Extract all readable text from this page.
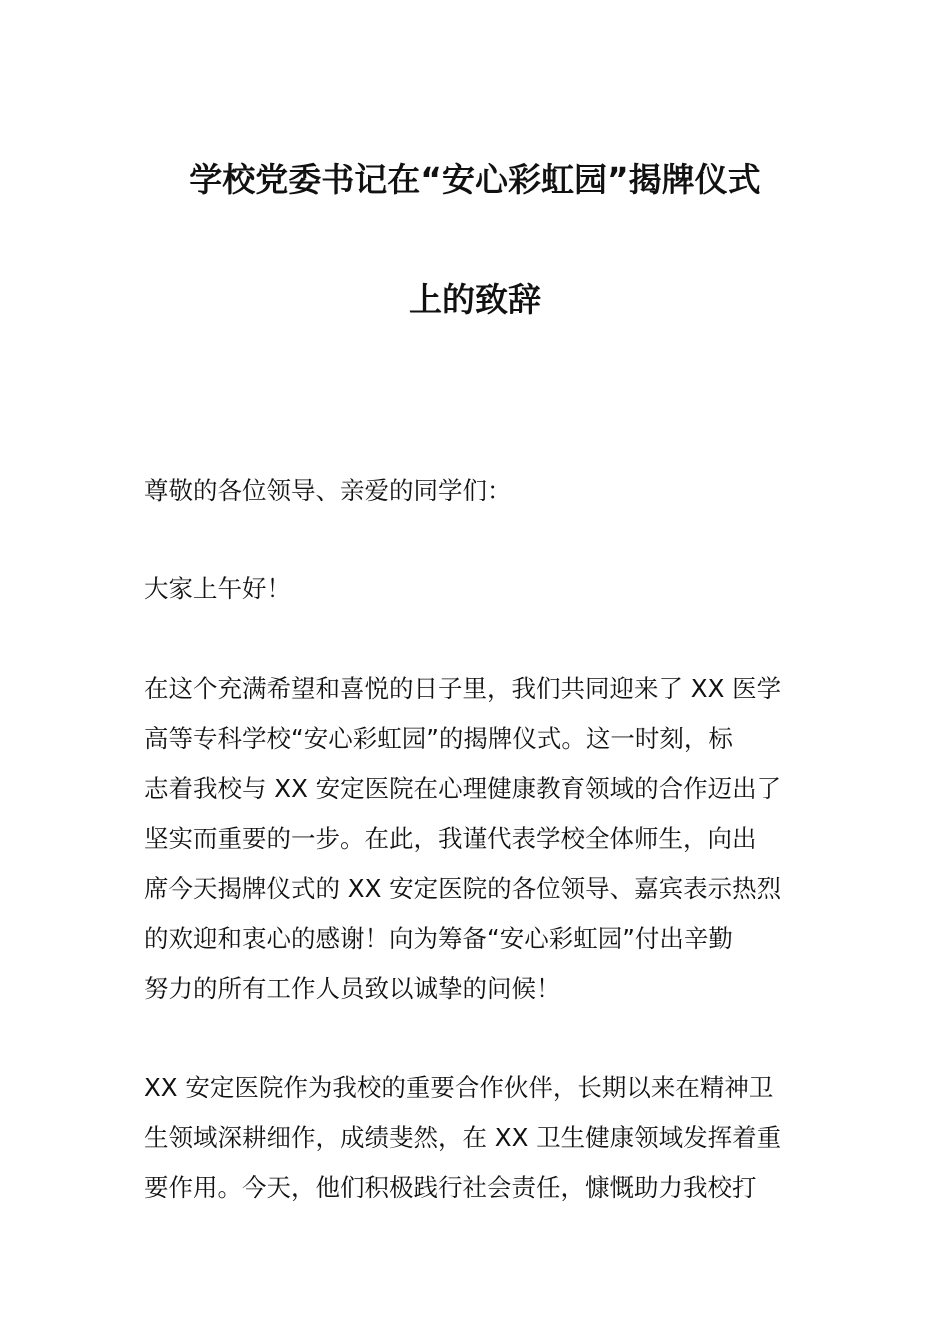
学校党委书记在“安心彩虹园”揭牌仪式
上的致辞
尊敬的各位领导、亲爱的同学们：
大家上午好！
在这个充满希望和喜悦的日子里，我们共同迎来了 XX 医学
高等专科学校“安心彩虹园”的揭牌仪式。这一时刻，标
志着我校与 XX 安定医院在心理健康教育领域的合作迈出了
坚实而重要的一步。在此，我谨代表学校全体师生，向出
席今天揭牌仪式的 XX 安定医院的各位领导、嘉宾表示热烈
的欢迎和衷心的感谢！向为筹备“安心彩虹园”付出辛勤
努力的所有工作人员致以诚挚的问候！
XX 安定医院作为我校的重要合作伙伴，长期以来在精神卫
生领域深耕细作，成绩斐然，在 XX 卫生健康领域发挥着重
要作用。今天，他们积极践行社会责任，慷慨助力我校打
